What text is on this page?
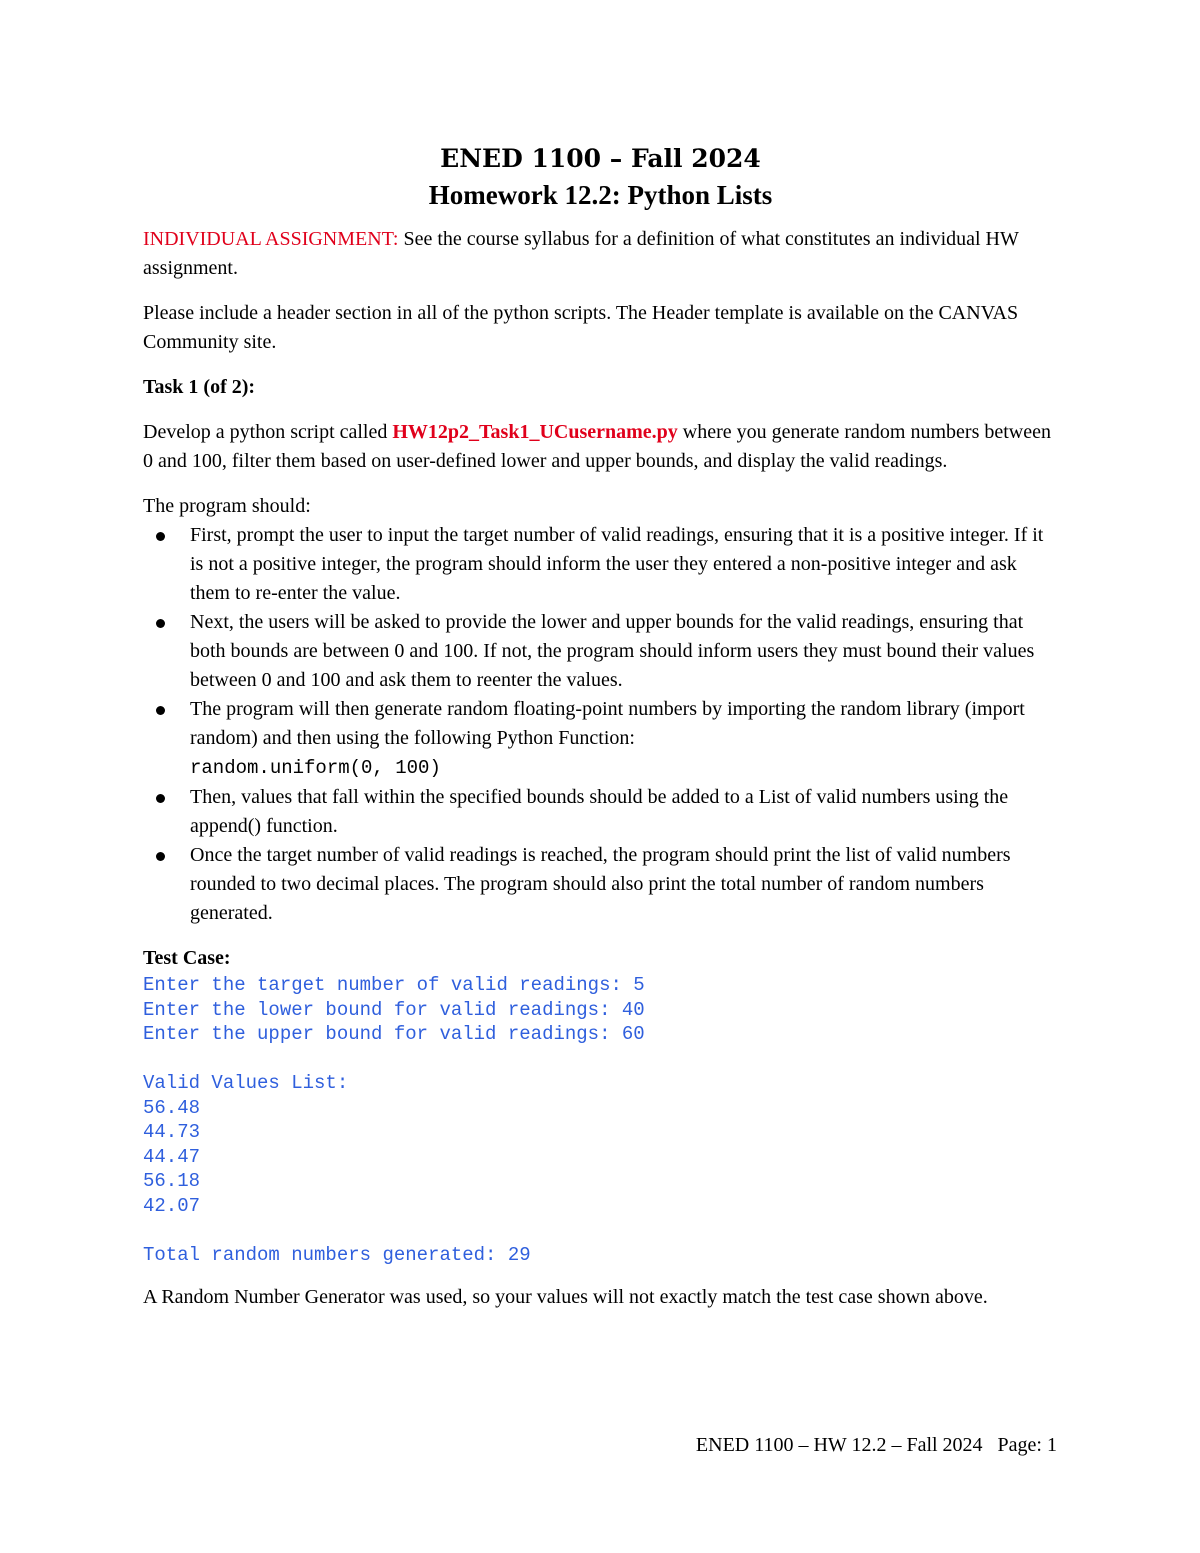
ENED 1100 – Fall 2024
Homework 12.2: Python Lists

INDIVIDUAL ASSIGNMENT: See the course syllabus for a definition of what constitutes an individual HW assignment.

Please include a header section in all of the python scripts. The Header template is available on the CANVAS Community site.

Task 1 (of 2):

Develop a python script called HW12p2_Task1_UCusername.py where you generate random numbers between 0 and 100, filter them based on user-defined lower and upper bounds, and display the valid readings.

The program should:

First, prompt the user to input the target number of valid readings, ensuring that it is a positive integer. If it is not a positive integer, the program should inform the user they entered a non-positive integer and ask them to re-enter the value.
Next, the users will be asked to provide the lower and upper bounds for the valid readings, ensuring that both bounds are between 0 and 100. If not, the program should inform users they must bound their values between 0 and 100 and ask them to reenter the values.
The program will then generate random floating-point numbers by importing the random library (import random) and then using the following Python Function:
random.uniform(0, 100)
Then, values that fall within the specified bounds should be added to a List of valid numbers using the append() function.
Once the target number of valid readings is reached, the program should print the list of valid numbers rounded to two decimal places. The program should also print the total number of random numbers generated.

Test Case:

Enter the target number of valid readings: 5
Enter the lower bound for valid readings: 40
Enter the upper bound for valid readings: 60
Valid Values List:
56.48
44.73
44.47
56.18
42.07
Total random numbers generated: 29

A Random Number Generator was used, so your values will not exactly match the test case shown above.

ENED 1100 – HW 12.2 – Fall 2024   Page: 1
